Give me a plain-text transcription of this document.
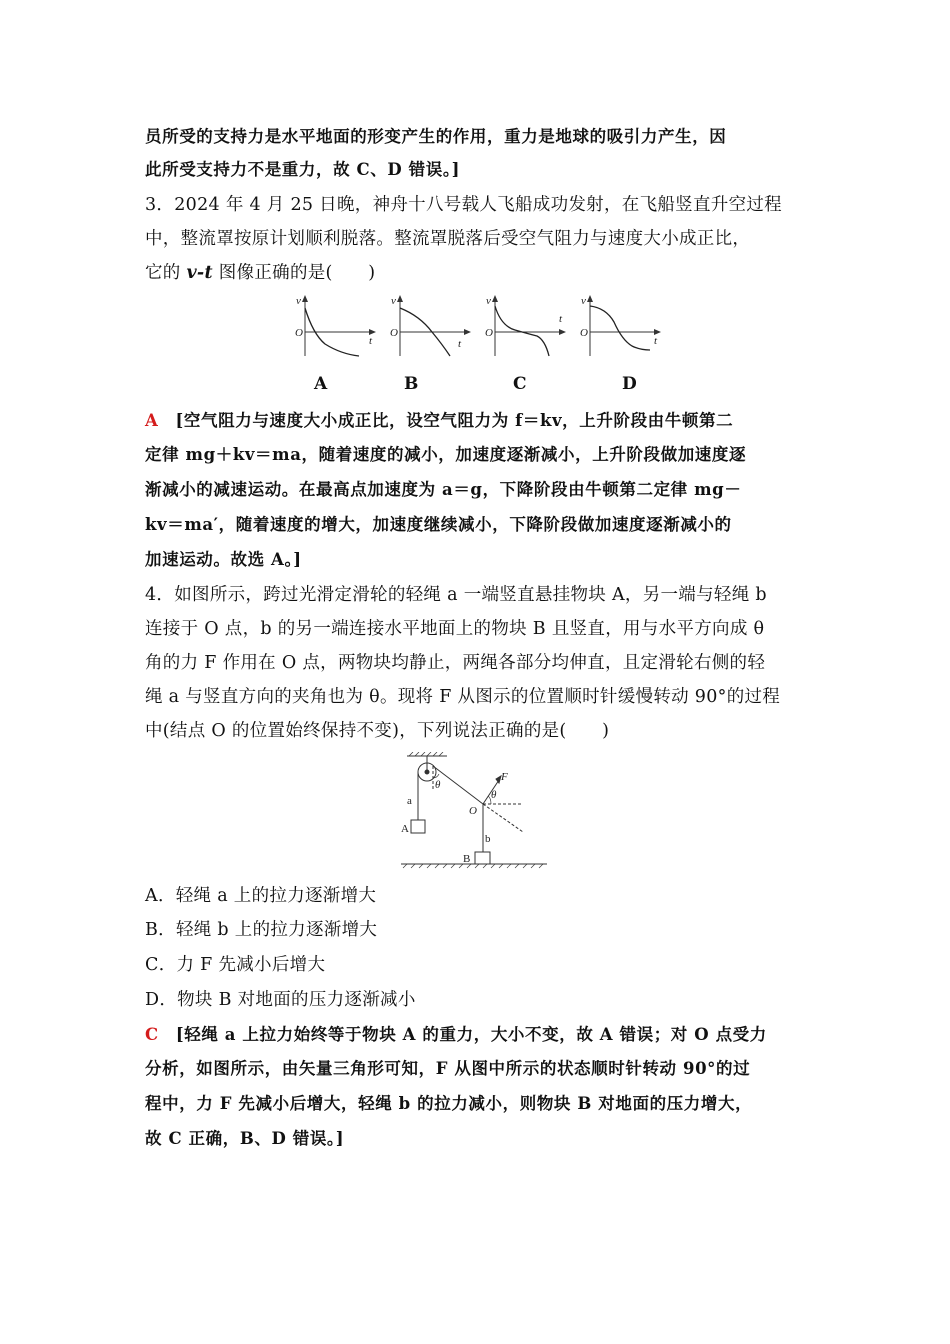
员所受的支持力是水平地面的形变产生的作用，重力是地球的吸引力产生，因
此所受支持力不是重力，故 C、D 错误。]
3．2024 年 4 月 25 日晚，神舟十八号载人飞船成功发射，在飞船竖直升空过程
中，整流罩按原计划顺利脱落。整流罩脱落后受空气阻力与速度大小成正比，
它的 v-t 图像正确的是(　　)
v
t
O
v
t
O
v
t
O
v
t
O
A	B	C	D
A　 [空气阻力与速度大小成正比，设空气阻力为 f＝kv，上升阶段由牛顿第二
定律 mg＋kv＝ma，随着速度的减小，加速度逐渐减小，上升阶段做加速度逐
渐减小的减速运动。在最高点加速度为 a＝g，下降阶段由牛顿第二定律 mg－
kv＝ma′，随着速度的增大，加速度继续减小，下降阶段做加速度逐渐减小的
加速运动。故选 A。]
4．如图所示，跨过光滑定滑轮的轻绳 a 一端竖直悬挂物块 A，另一端与轻绳 b
连接于 O 点，b 的另一端连接水平地面上的物块 B 且竖直，用与水平方向成 θ
角的力 F 作用在 O 点，两物块均静止，两绳各部分均伸直，且定滑轮右侧的轻
绳 a 与竖直方向的夹角也为 θ。现将 F 从图示的位置顺时针缓慢转动 90°的过程
中(结点 O 的位置始终保持不变)，下列说法正确的是(　　)
a
A
θ
O
F
θ
b
B
A．轻绳 a 上的拉力逐渐增大
B．轻绳 b 上的拉力逐渐增大
C．力 F 先减小后增大
D．物块 B 对地面的压力逐渐减小
C　 [轻绳 a 上拉力始终等于物块 A 的重力，大小不变，故 A 错误；对 O 点受力
分析，如图所示，由矢量三角形可知，F 从图中所示的状态顺时针转动 90°的过
程中，力 F 先减小后增大，轻绳 b 的拉力减小，则物块 B 对地面的压力增大，
故 C 正确，B、D 错误。]
